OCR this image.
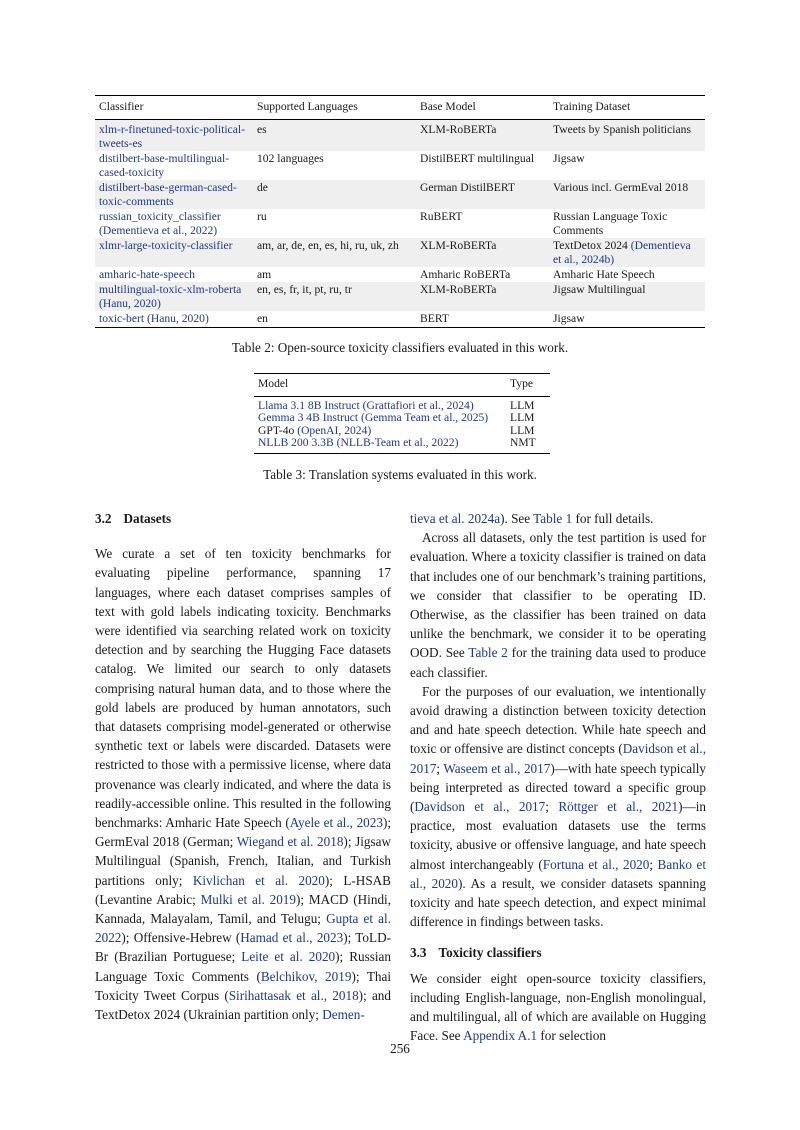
Classifier	Supported Languages	Base Model	Training Dataset
xlm-r-finetuned-toxic-political-tweets-es	es	XLM-RoBERTa	Tweets by Spanish politicians
distilbert-base-multilingual-cased-toxicity	102 languages	DistilBERT multilingual	Jigsaw
distilbert-base-german-cased-toxic-comments	de	German DistilBERT	Various incl. GermEval 2018
russian_toxicity_classifier (Dementieva et al., 2022)	ru	RuBERT	Russian Language Toxic Comments
xlmr-large-toxicity-classifier	am, ar, de, en, es, hi, ru, uk, zh	XLM-RoBERTa	TextDetox 2024 (Dementieva et al., 2024b)
amharic-hate-speech	am	Amharic RoBERTa	Amharic Hate Speech
multilingual-toxic-xlm-roberta (Hanu, 2020)	en, es, fr, it, pt, ru, tr	XLM-RoBERTa	Jigsaw Multilingual
toxic-bert (Hanu, 2020)	en	BERT	Jigsaw
Table 2: Open-source toxicity classifiers evaluated in this work.
Model	Type
Llama 3.1 8B Instruct (Grattafiori et al., 2024)	LLM
Gemma 3 4B Instruct (Gemma Team et al., 2025)	LLM
GPT-4o (OpenAI, 2024)	LLM
NLLB 200 3.3B (NLLB-Team et al., 2022)	NMT
Table 3: Translation systems evaluated in this work.
3.2 Datasets

We curate a set of ten toxicity benchmarks for evaluating pipeline performance, spanning 17 languages, where each dataset comprises samples of text with gold labels indicating toxicity. Benchmarks were identified via searching related work on toxicity detection and by searching the Hugging Face datasets catalog. We limited our search to only datasets comprising natural human data, and to those where the gold labels are produced by human annotators, such that datasets comprising model-generated or otherwise synthetic text or labels were discarded. Datasets were restricted to those with a permissive license, where data provenance was clearly indicated, and where the data is readily-accessible online. This resulted in the following benchmarks: Amharic Hate Speech (Ayele et al., 2023); GermEval 2018 (German; Wiegand et al. 2018); Jigsaw Multilingual (Spanish, French, Italian, and Turkish partitions only; Kivlichan et al. 2020); L-HSAB (Levantine Arabic; Mulki et al. 2019); MACD (Hindi, Kannada, Malayalam, Tamil, and Telugu; Gupta et al. 2022); Offensive-Hebrew (Hamad et al., 2023); ToLD-Br (Brazilian Portuguese; Leite et al. 2020); Russian Language Toxic Comments (Belchikov, 2019); Thai Toxicity Tweet Corpus (Sirihattasak et al., 2018); and TextDetox 2024 (Ukrainian partition only; Demen-

tieva et al. 2024a). See Table 1 for full details.

Across all datasets, only the test partition is used for evaluation. Where a toxicity classifier is trained on data that includes one of our benchmark’s training partitions, we consider that classifier to be operating ID. Otherwise, as the classifier has been trained on data unlike the benchmark, we consider it to be operating OOD. See Table 2 for the training data used to produce each classifier.

For the purposes of our evaluation, we intentionally avoid drawing a distinction between toxicity detection and and hate speech detection. While hate speech and toxic or offensive are distinct concepts (Davidson et al., 2017; Waseem et al., 2017)—with hate speech typically being interpreted as directed toward a specific group (Davidson et al., 2017; Röttger et al., 2021)—in practice, most evaluation datasets use the terms toxicity, abusive or offensive language, and hate speech almost interchangeably (Fortuna et al., 2020; Banko et al., 2020). As a result, we consider datasets spanning toxicity and hate speech detection, and expect minimal difference in findings between tasks.

3.3 Toxicity classifiers

We consider eight open-source toxicity classifiers, including English-language, non-English monolingual, and multilingual, all of which are available on Hugging Face. See Appendix A.1 for selection

256
